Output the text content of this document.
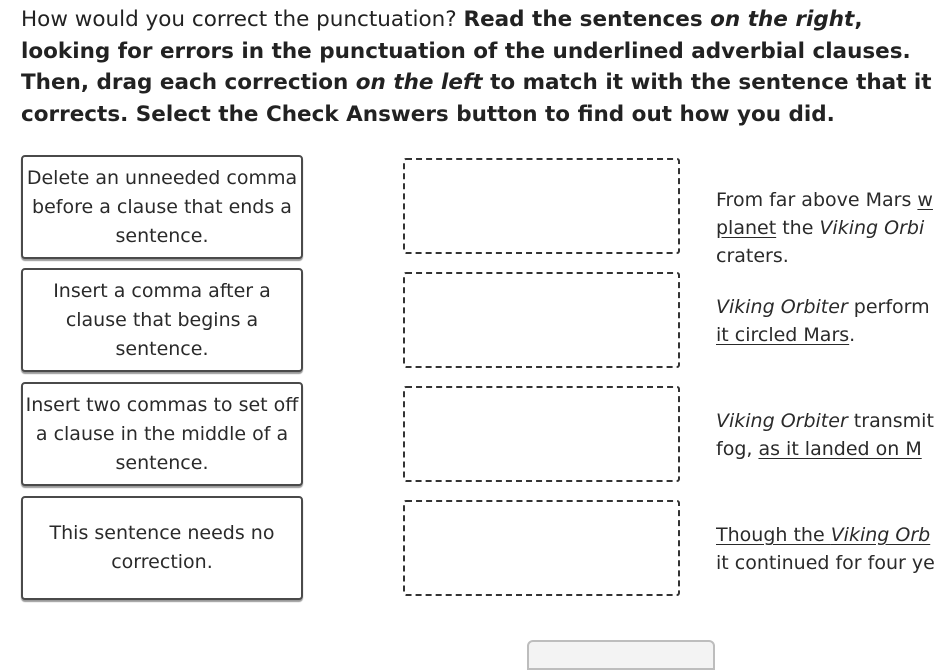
How would you correct the punctuation? Read the sentences on the right, looking for errors in the punctuation of the underlined adverbial clauses. Then, drag each correction on the left to match it with the sentence that it corrects. Select the Check Answers button to find out how you did.
Delete an unneeded comma before a clause that ends a sentence.
Insert a comma after a clause that begins a sentence.
Insert two commas to set off a clause in the middle of a sentence.
This sentence needs no correction.
From far above Mars w
planet the Viking Orbi
craters.
Viking Orbiter perform
it circled Mars.
Viking Orbiter transmit
fog, as it landed on M
Though the Viking Orb
it continued for four ye
